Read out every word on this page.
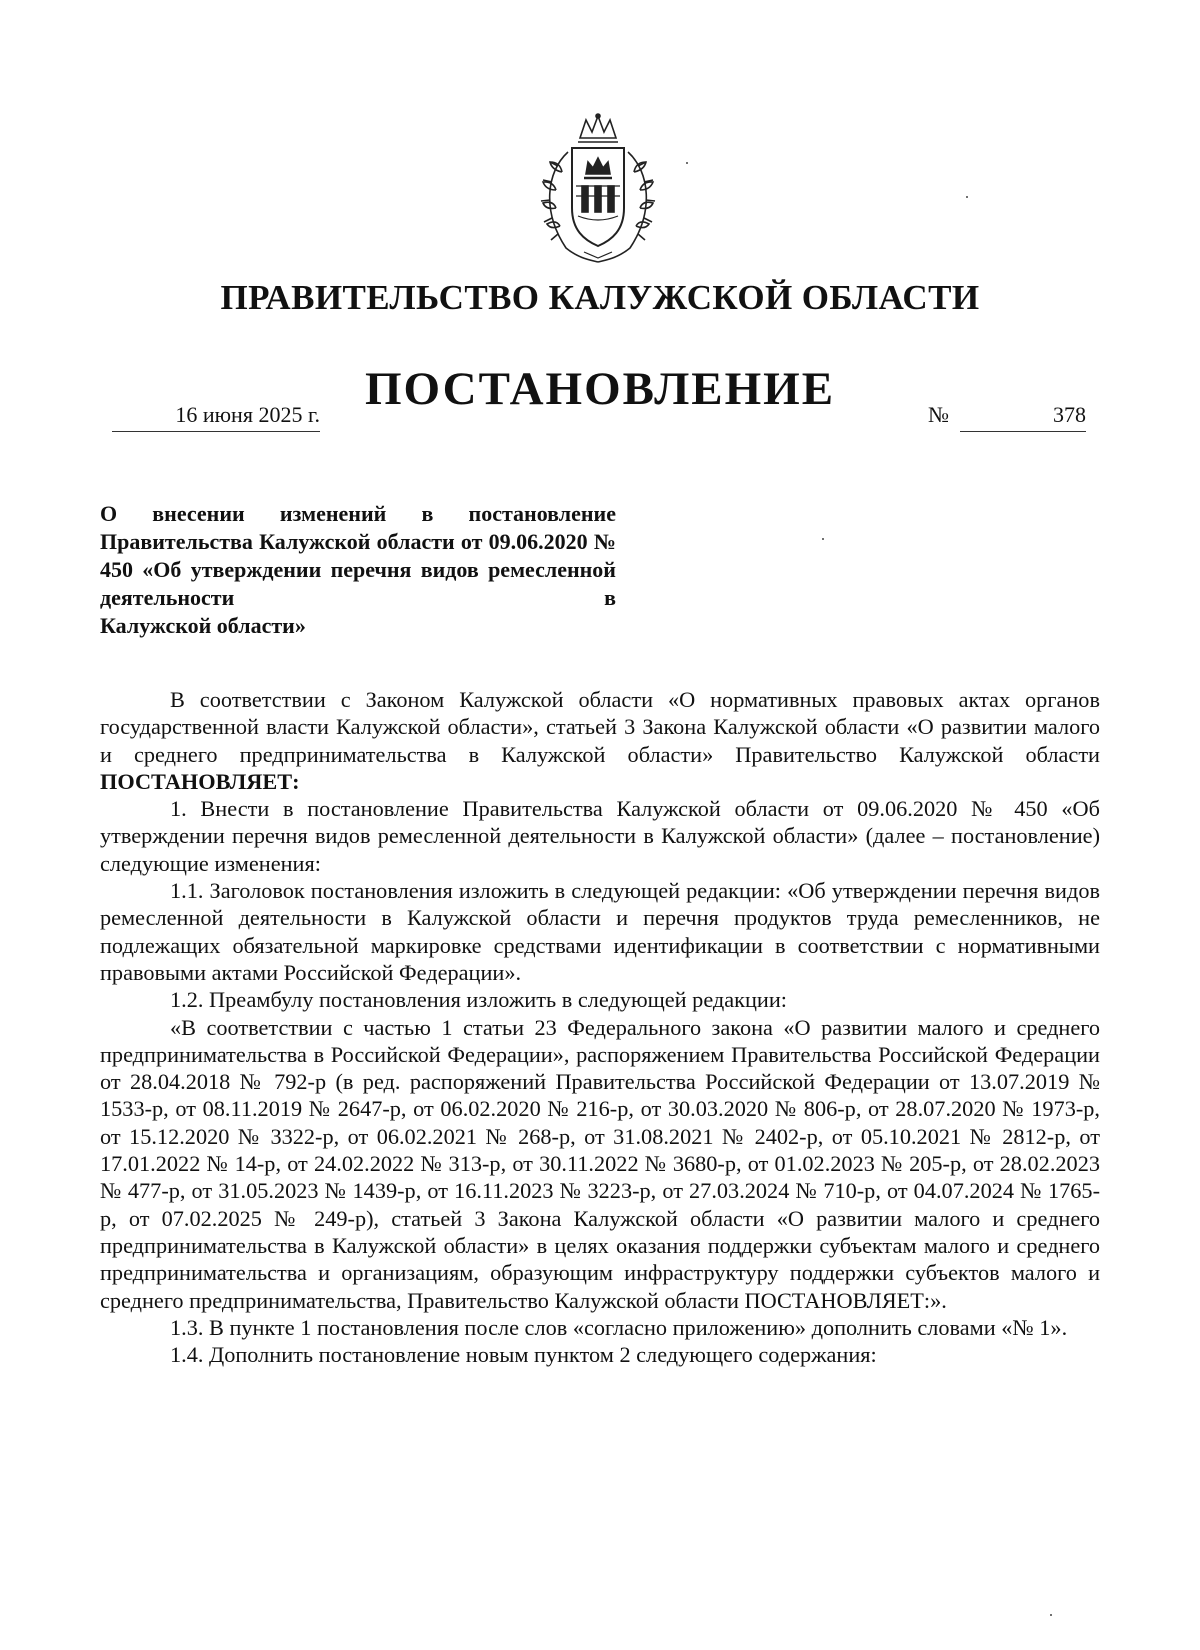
ПРАВИТЕЛЬСТВО КАЛУЖСКОЙ ОБЛАСТИ
ПОСТАНОВЛЕНИЕ
16 июня 2025 г.	№	378

О внесении изменений в постановление Правительства Калужской области от 09.06.2020 № 450 «Об утверждении перечня видов ремесленной деятельности в
Калужской области»

В соответствии с Законом Калужской области «О нормативных правовых актах органов государственной власти Калужской области», статьей 3 Закона Калужской области «О развитии малого и среднего предпринимательства в Калужской области» Правительство Калужской области ПОСТАНОВЛЯЕТ:

1. Внести в постановление Правительства Калужской области от 09.06.2020 № 450 «Об утверждении перечня видов ремесленной деятельности в Калужской области» (далее – постановление) следующие изменения:

1.1. Заголовок постановления изложить в следующей редакции: «Об утверждении перечня видов ремесленной деятельности в Калужской области и перечня продуктов труда ремесленников, не подлежащих обязательной маркировке средствами идентификации в соответствии с нормативными правовыми актами Российской Федерации».

1.2. Преамбулу постановления изложить в следующей редакции:

«В соответствии с частью 1 статьи 23 Федерального закона «О развитии малого и среднего предпринимательства в Российской Федерации», распоряжением Правительства Российской Федерации от 28.04.2018 № 792-р (в ред. распоряжений Правительства Российской Федерации от 13.07.2019 № 1533-р, от 08.11.2019 № 2647-р, от 06.02.2020 № 216-р, от 30.03.2020 № 806-р, от 28.07.2020 № 1973-р, от 15.12.2020 № 3322-р, от 06.02.2021 № 268-р, от 31.08.2021 № 2402-р, от 05.10.2021 № 2812-р, от 17.01.2022 № 14-р, от 24.02.2022 № 313-р, от 30.11.2022 № 3680-р, от 01.02.2023 № 205-р, от 28.02.2023 № 477-р, от 31.05.2023 № 1439-р, от 16.11.2023 № 3223-р, от 27.03.2024 № 710-р, от 04.07.2024 № 1765-р, от 07.02.2025 № 249-р), статьей 3 Закона Калужской области «О развитии малого и среднего предпринимательства в Калужской области» в целях оказания поддержки субъектам малого и среднего предпринимательства и организациям, образующим инфраструктуру поддержки субъектов малого и среднего предпринимательства, Правительство Калужской области ПОСТАНОВЛЯЕТ:».

1.3. В пункте 1 постановления после слов «согласно приложению» дополнить словами «№ 1».

1.4. Дополнить постановление новым пунктом 2 следующего содержания:
